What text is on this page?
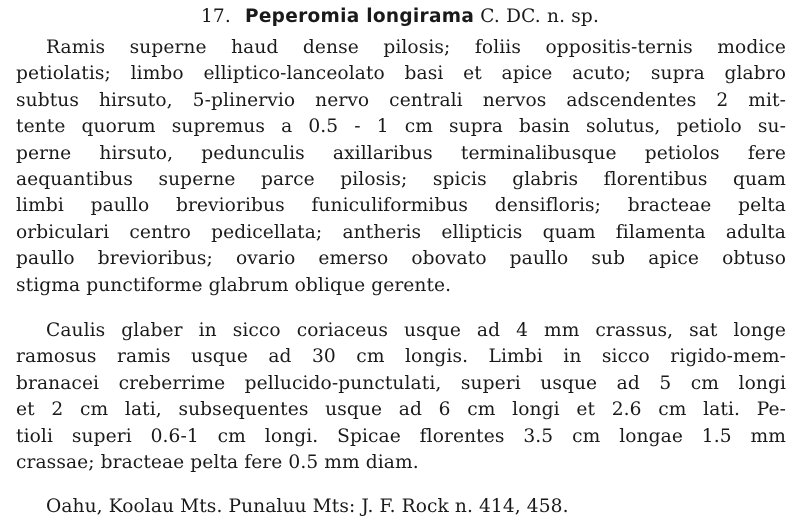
17. Peperomia longirama C. DC. n. sp.
Ramis superne haud dense pilosis; foliis oppositis-ternis modice
petiolatis; limbo elliptico-lanceolato basi et apice acuto; supra glabro
subtus hirsuto, 5-plinervio nervo centrali nervos adscendentes 2 mit-
tente quorum supremus a 0.5 - 1 cm supra basin solutus, petiolo su-
perne hirsuto, pedunculis axillaribus terminalibusque petiolos fere
aequantibus superne parce pilosis; spicis glabris florentibus quam
limbi paullo brevioribus funiculiformibus densifloris; bracteae pelta
orbiculari centro pedicellata; antheris ellipticis quam filamenta adulta
paullo brevioribus; ovario emerso obovato paullo sub apice obtuso
stigma punctiforme glabrum oblique gerente.
Caulis glaber in sicco coriaceus usque ad 4 mm crassus, sat longe
ramosus ramis usque ad 30 cm longis. Limbi in sicco rigido-mem-
branacei creberrime pellucido-punctulati, superi usque ad 5 cm longi
et 2 cm lati, subsequentes usque ad 6 cm longi et 2.6 cm lati. Pe-
tioli superi 0.6-1 cm longi. Spicae florentes 3.5 cm longae 1.5 mm
crassae; bracteae pelta fere 0.5 mm diam.
Oahu, Koolau Mts. Punaluu Mts: J. F. Rock n. 414, 458.
